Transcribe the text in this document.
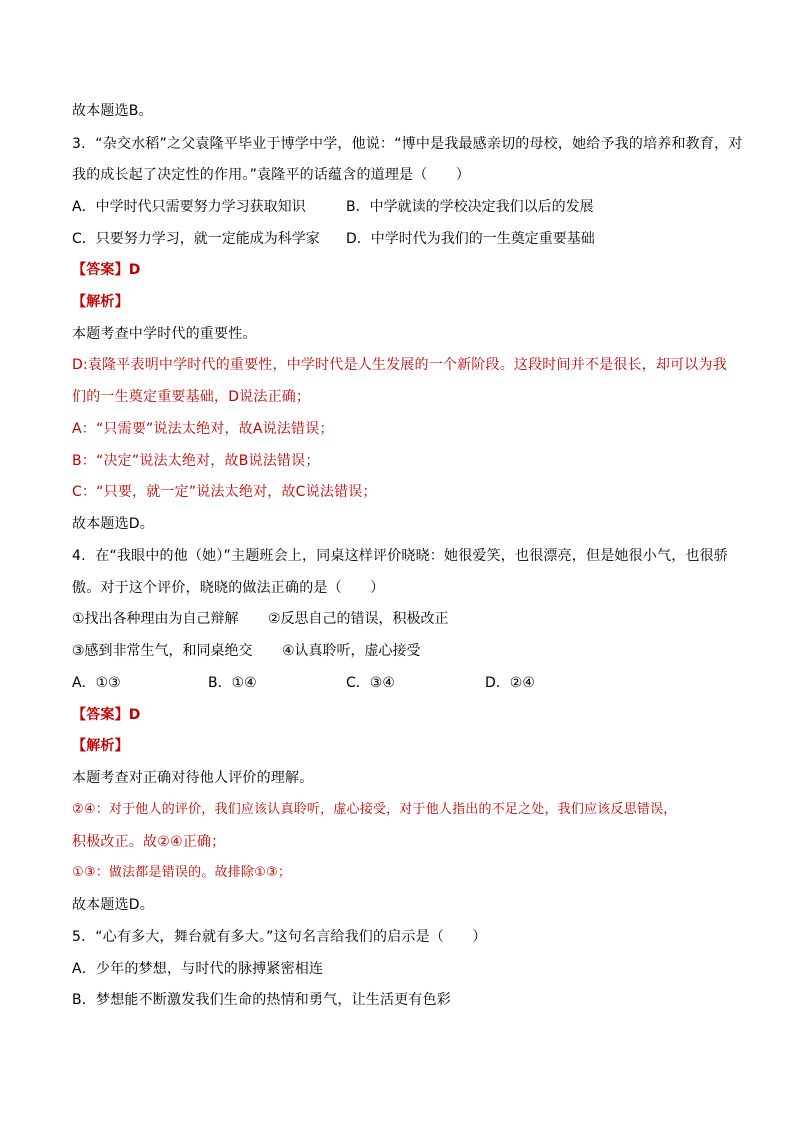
故本题选B。
3．“杂交水稻”之父袁隆平毕业于博学中学，他说：“博中是我最感亲切的母校，她给予我的培养和教育，对
我的成长起了决定性的作用。”袁隆平的话蕴含的道理是（　　）
A．中学时代只需要努力学习获取知识	B．中学就读的学校决定我们以后的发展
C．只要努力学习，就一定能成为科学家 D．中学时代为我们的一生奠定重要基础
【答案】D
【解析】
本题考查中学时代的重要性。
D:袁隆平表明中学时代的重要性，中学时代是人生发展的一个新阶段。这段时间并不是很长，却可以为我
们的一生奠定重要基础，D说法正确；
A：“只需要”说法太绝对，故A说法错误；
B：“决定”说法太绝对，故B说法错误；
C：“只要，就一定”说法太绝对，故C说法错误；
故本题选D。
4．在“我眼中的他（她）”主题班会上，同桌这样评价晓晓：她很爱笑，也很漂亮，但是她很小气，也很骄
傲。对于这个评价，晓晓的做法正确的是（　　）
①找出各种理由为自己辩解 ②反思自己的错误，积极改正
③感到非常生气，和同桌绝交 ④认真聆听，虚心接受
A．①③	B．①④	C．③④	D．②④
【答案】D
【解析】
本题考查对正确对待他人评价的理解。
②④：对于他人的评价，我们应该认真聆听，虚心接受，对于他人指出的不足之处，我们应该反思错误，
积极改正。故②④正确；
①③：做法都是错误的。故排除①③；
故本题选D。
5．“心有多大，舞台就有多大。”这句名言给我们的启示是（　　）
A．少年的梦想，与时代的脉搏紧密相连
B．梦想能不断激发我们生命的热情和勇气，让生活更有色彩
